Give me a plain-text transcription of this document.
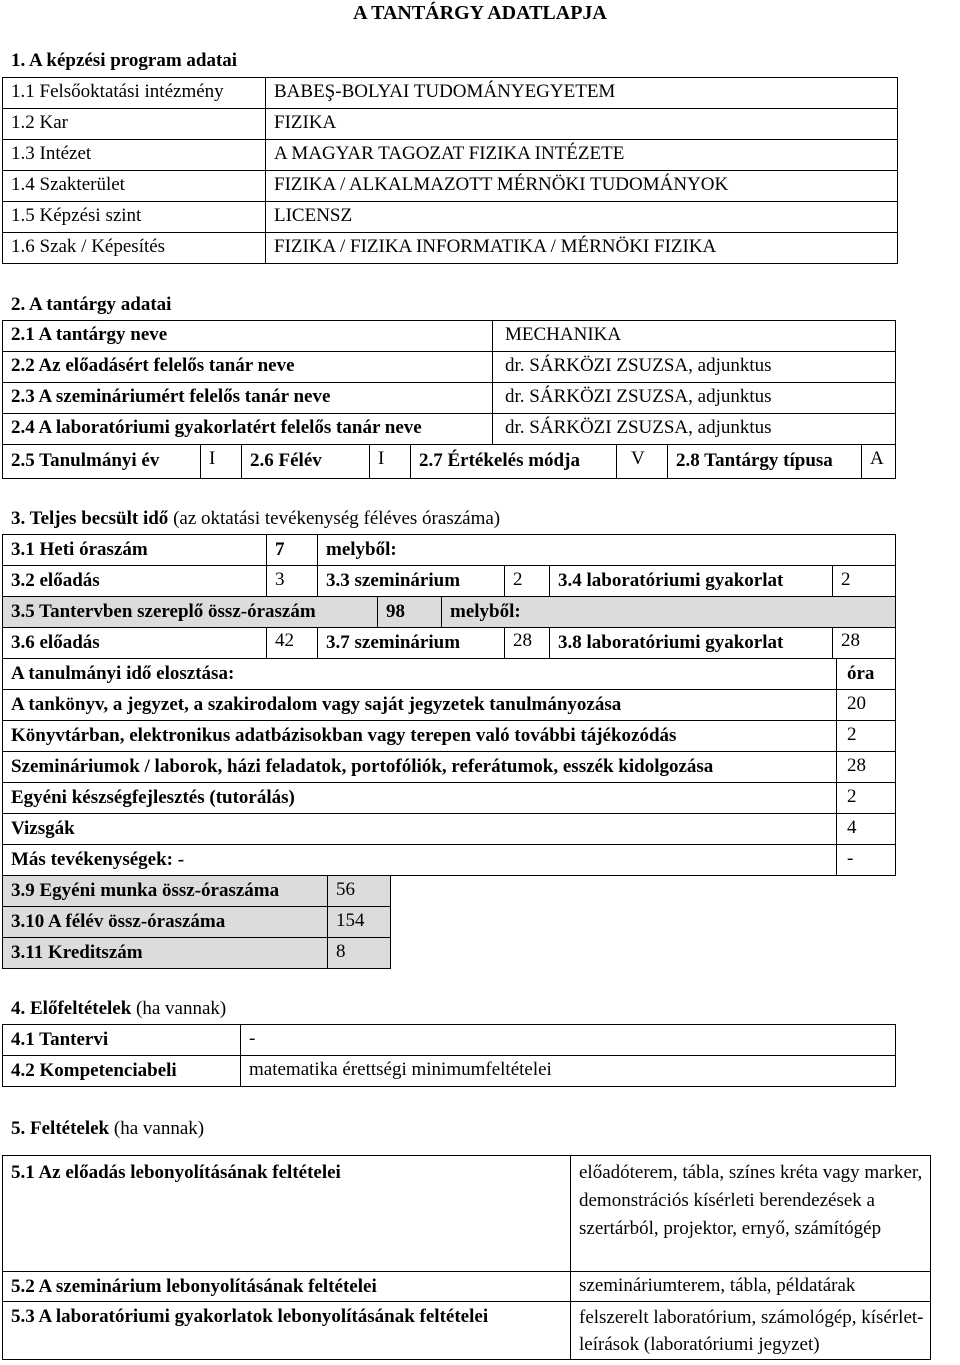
A TANTÁRGY ADATLAPJA
1. A képzési program adatai
1.1 Felsőoktatási intézmény	BABEŞ-BOLYAI TUDOMÁNYEGYETEM
1.2 Kar	FIZIKA
1.3 Intézet	A MAGYAR TAGOZAT FIZIKA INTÉZETE
1.4 Szakterület	FIZIKA / ALKALMAZOTT MÉRNÖKI TUDOMÁNYOK
1.5 Képzési szint	LICENSZ
1.6 Szak / Képesítés	FIZIKA / FIZIKA INFORMATIKA / MÉRNÖKI FIZIKA
2. A tantárgy adatai
2.1 A tantárgy neve	MECHANIKA
2.2 Az előadásért felelős tanár neve	dr. SÁRKÖZI ZSUZSA, adjunktus
2.3 A szemináriumért felelős tanár neve	dr. SÁRKÖZI ZSUZSA, adjunktus
2.4 A laboratóriumi gyakorlatért felelős tanár neve	dr. SÁRKÖZI ZSUZSA, adjunktus
2.5 Tanulmányi év	I	2.6 Félév	I	2.7 Értékelés módja	V	2.8 Tantárgy típusa	A
3. Teljes becsült idő (az oktatási tevékenység féléves óraszáma)
3.1 Heti óraszám	7	melyből:			
3.2 előadás	3	3.3 szeminárium	2	3.4 laboratóriumi gyakorlat	2
3.5 Tantervben szereplő össz-óraszám	98	melyből:
3.6 előadás	42	3.7 szeminárium	28	3.8 laboratóriumi gyakorlat	28
A tanulmányi idő elosztása:	óra
A tankönyv, a jegyzet, a szakirodalom vagy saját jegyzetek tanulmányozása	20
Könyvtárban, elektronikus adatbázisokban vagy terepen való további tájékozódás	2
Szemináriumok / laborok, házi feladatok, portofóliók, referátumok, esszék kidolgozása	28
Egyéni készségfejlesztés (tutorálás)	2
Vizsgák	4
Más tevékenységek: -	-
3.9 Egyéni munka össz-óraszáma	56
3.10 A félév össz-óraszáma	154
3.11 Kreditszám	8
4. Előfeltételek (ha vannak)
4.1 Tantervi	-
4.2 Kompetenciabeli	matematika érettségi minimumfeltételei
5. Feltételek (ha vannak)
5.1 Az előadás lebonyolításának feltételei	előadóterem, tábla, színes kréta vagy marker, demonstrációs kísérleti berendezések a szertárból, projektor, ernyő, számítógép
5.2 A szeminárium lebonyolításának feltételei	szemináriumterem, tábla, példatárak
5.3 A laboratóriumi gyakorlatok lebonyolításának feltételei	felszerelt laboratórium, számológép, kísérlet-leírások (laboratóriumi jegyzet)
